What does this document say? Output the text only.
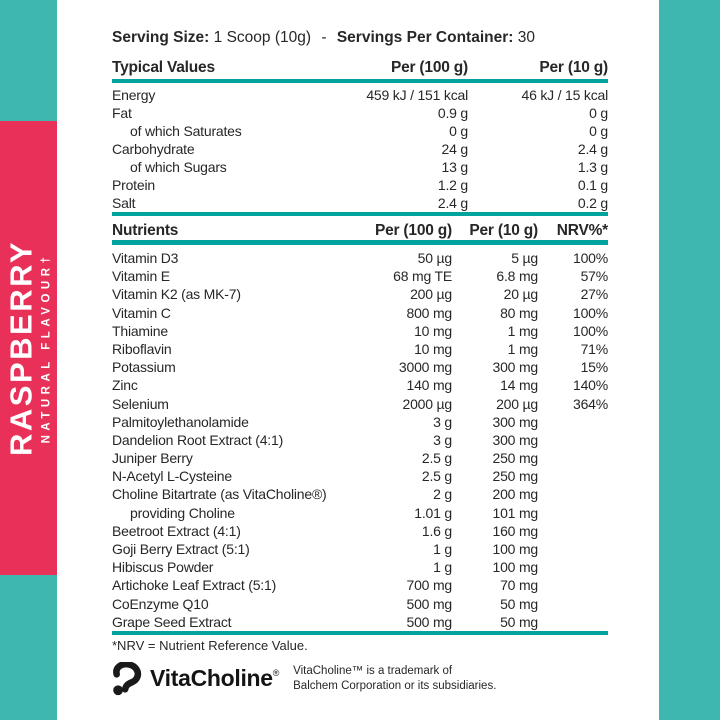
RASPBERRY NATURAL FLAVOUR†
Serving Size: 1 Scoop (10g) - Servings Per Container: 30
Typical Values	Per (100 g)	Per (10 g)
Energy	459 kJ / 151 kcal	46 kJ / 15 kcal
Fat	0.9 g	0 g
of which Saturates	0 g	0 g
Carbohydrate	24 g	2.4 g
of which Sugars	13 g	1.3 g
Protein	1.2 g	0.1 g
Salt	2.4 g	0.2 g
Nutrients	Per (100 g)	Per (10 g)	NRV%*
Vitamin D3	50 µg	5 µg	100%
Vitamin E	68 mg TE	6.8 mg	57%
Vitamin K2 (as MK-7)	200 µg	20 µg	27%
Vitamin C	800 mg	80 mg	100%
Thiamine	10 mg	1 mg	100%
Riboflavin	10 mg	1 mg	71%
Potassium	3000 mg	300 mg	15%
Zinc	140 mg	14 mg	140%
Selenium	2000 µg	200 µg	364%
Palmitoylethanolamide	3 g	300 mg
Dandelion Root Extract (4:1)	3 g	300 mg
Juniper Berry	2.5 g	250 mg
N-Acetyl L-Cysteine	2.5 g	250 mg
Choline Bitartrate (as VitaCholine®)	2 g	200 mg
providing Choline	1.01 g	101 mg
Beetroot Extract (4:1)	1.6 g	160 mg
Goji Berry Extract (5:1)	1 g	100 mg
Hibiscus Powder	1 g	100 mg
Artichoke Leaf Extract (5:1)	700 mg	70 mg
CoEnzyme Q10	500 mg	50 mg
Grape Seed Extract	500 mg	50 mg
*NRV = Nutrient Reference Value.
VitaCholine® VitaCholine™ is a trademark of
Balchem Corporation or its subsidiaries.
